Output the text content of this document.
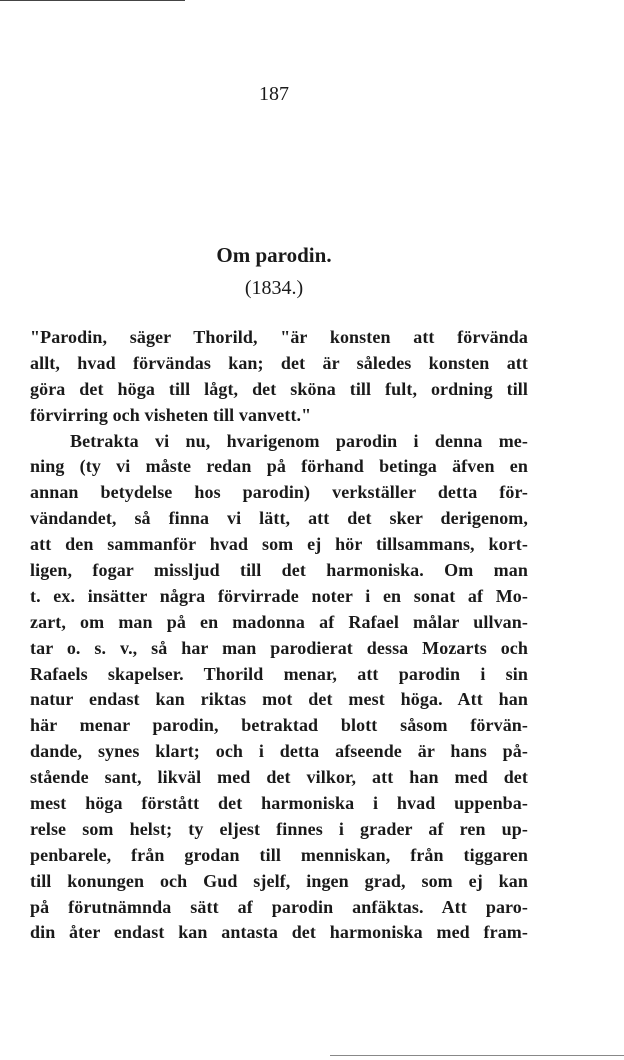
187
Om parodin.
(1834.)
"Parodin, säger Thorild, "är konsten att förvända
allt, hvad förvändas kan; det är således konsten att
göra det höga till lågt, det sköna till fult, ordning till
förvirring och visheten till vanvett."
Betrakta vi nu, hvarigenom parodin i denna me-
ning (ty vi måste redan på förhand betinga äfven en
annan betydelse hos parodin) verkställer detta för-
vändandet, så finna vi lätt, att det sker derigenom,
att den sammanför hvad som ej hör tillsammans, kort-
ligen, fogar missljud till det harmoniska. Om man
t. ex. insätter några förvirrade noter i en sonat af Mo-
zart, om man på en madonna af Rafael målar ullvan-
tar o. s. v., så har man parodierat dessa Mozarts och
Rafaels skapelser. Thorild menar, att parodin i sin
natur endast kan riktas mot det mest höga. Att han
här menar parodin, betraktad blott såsom förvän-
dande, synes klart; och i detta afseende är hans på-
stående sant, likväl med det vilkor, att han med det
mest höga förstått det harmoniska i hvad uppenba-
relse som helst; ty eljest finnes i grader af ren up-
penbarele, från grodan till menniskan, från tiggaren
till konungen och Gud sjelf, ingen grad, som ej kan
på förutnämnda sätt af parodin anfäktas. Att paro-
din åter endast kan antasta det harmoniska med fram-
